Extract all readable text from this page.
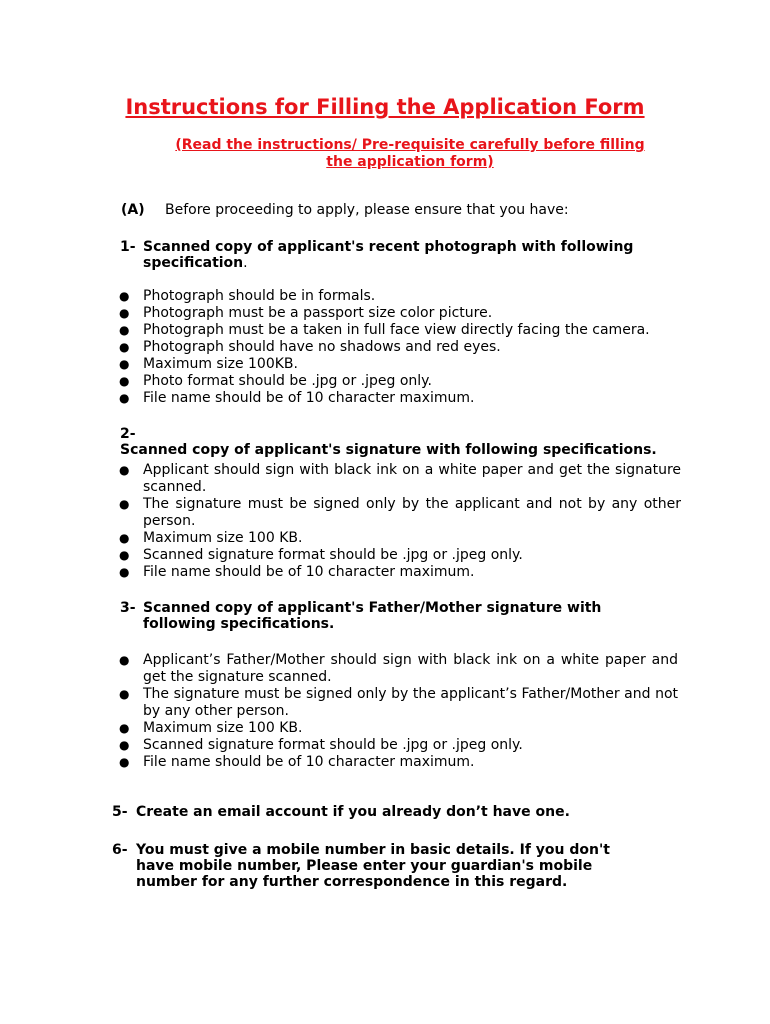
Instructions for Filling the Application Form
(Read the instructions/ Pre-requisite carefully before filling
the application form)
(A) Before proceeding to apply, please ensure that you have:
1- Scanned copy of applicant's recent photograph with following specification.
● Photograph should be in formals.
● Photograph must be a passport size color picture.
● Photograph must be a taken in full face view directly facing the camera.
● Photograph should have no shadows and red eyes.
● Maximum size 100KB.
● Photo format should be .jpg or .jpeg only.
● File name should be of 10 character maximum.
2-Scanned copy of applicant's signature with following specifications.
● Applicant should sign with black ink on a white paper and get the signature scanned.
● The signature must be signed only by the applicant and not by any other person.
● Maximum size 100 KB.
● Scanned signature format should be .jpg or .jpeg only.
● File name should be of 10 character maximum.
3- Scanned copy of applicant's Father/Mother signature with following specifications.
● Applicant’s Father/Mother should sign with black ink on a white paper and get the signature scanned.
● The signature must be signed only by the applicant’s Father/Mother and not by any other person.
● Maximum size 100 KB.
● Scanned signature format should be .jpg or .jpeg only.
● File name should be of 10 character maximum.
5- Create an email account if you already don’t have one.
6- You must give a mobile number in basic details. If you don't have mobile number, Please enter your guardian's mobile number for any further correspondence in this regard.
